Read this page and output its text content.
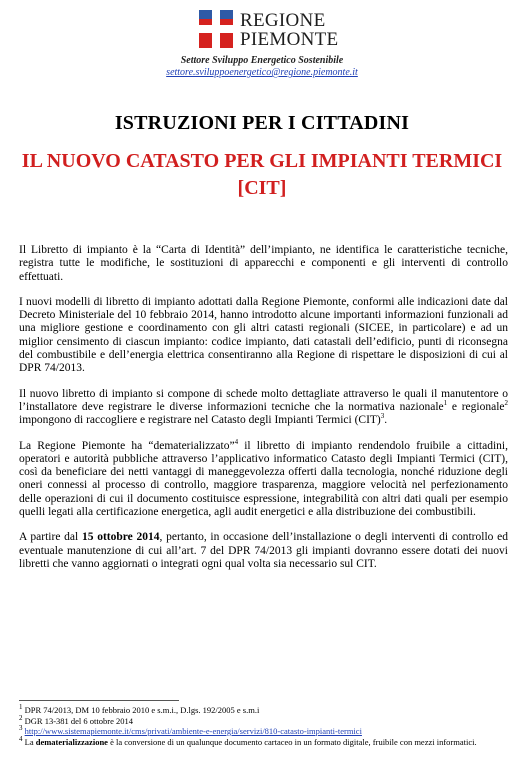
REGIONE
PIEMONTE
Settore Sviluppo Energetico Sostenibile
settore.sviluppoenergetico@regione.piemonte.it
ISTRUZIONI PER I CITTADINI
IL NUOVO CATASTO PER GLI IMPIANTI TERMICI
[CIT]

Il Libretto di impianto è la “Carta di Identità” dell’impianto, ne identifica le caratteristiche tecniche, registra tutte le modifiche, le sostituzioni di apparecchi e componenti e gli interventi di controllo effettuati.

I nuovi modelli di libretto di impianto adottati dalla Regione Piemonte, conformi alle indicazioni date dal Decreto Ministeriale del 10 febbraio 2014, hanno introdotto alcune importanti informazioni funzionali ad una migliore gestione e coordinamento con gli altri catasti regionali (SICEE, in particolare) e ad un miglior censimento di ciascun impianto: codice impianto, dati catastali dell’edificio, punti di riconsegna del combustibile e dell’energia elettrica consentiranno alla Regione di rispettare le disposizioni di cui al DPR 74/2013.

Il nuovo libretto di impianto si compone di schede molto dettagliate attraverso le quali il manutentore o l’installatore deve registrare le diverse informazioni tecniche che la normativa nazionale$^1$ e regionale$^2$ impongono di raccogliere e registrare nel Catasto degli Impianti Termici (CIT)$^3$.

La Regione Piemonte ha “dematerializzato”$^4$ il libretto di impianto rendendolo fruibile a cittadini, operatori e autorità pubbliche attraverso l’applicativo informatico Catasto degli Impianti Termici (CIT), così da beneficiare dei netti vantaggi di maneggevolezza offerti dalla tecnologia, nonché riduzione degli oneri connessi al processo di controllo, maggiore trasparenza, maggiore velocità nel perfezionamento delle operazioni di cui il documento costituisce espressione, integrabilità con altri dati quali per esempio quelli legati alla certificazione energetica, agli audit energetici e alla distribuzione dei combustibili.

A partire dal 15 ottobre 2014, pertanto, in occasione dell’installazione o degli interventi di controllo ed eventuale manutenzione di cui all’art. 7 del DPR 74/2013 gli impianti dovranno essere dotati dei nuovi libretti che vanno aggiornati o integrati ogni qual volta sia necessario sul CIT.

$^1$ DPR 74/2013, DM 10 febbraio 2010 e s.m.i., D.lgs. 192/2005 e s.m.i
$^2$ DGR 13-381 del 6 ottobre 2014
$^3$ http://www.sistemapiemonte.it/cms/privati/ambiente-e-energia/servizi/810-catasto-impianti-termici
$^4$ La dematerializzazione è la conversione di un qualunque documento cartaceo in un formato digitale, fruibile con mezzi informatici.
